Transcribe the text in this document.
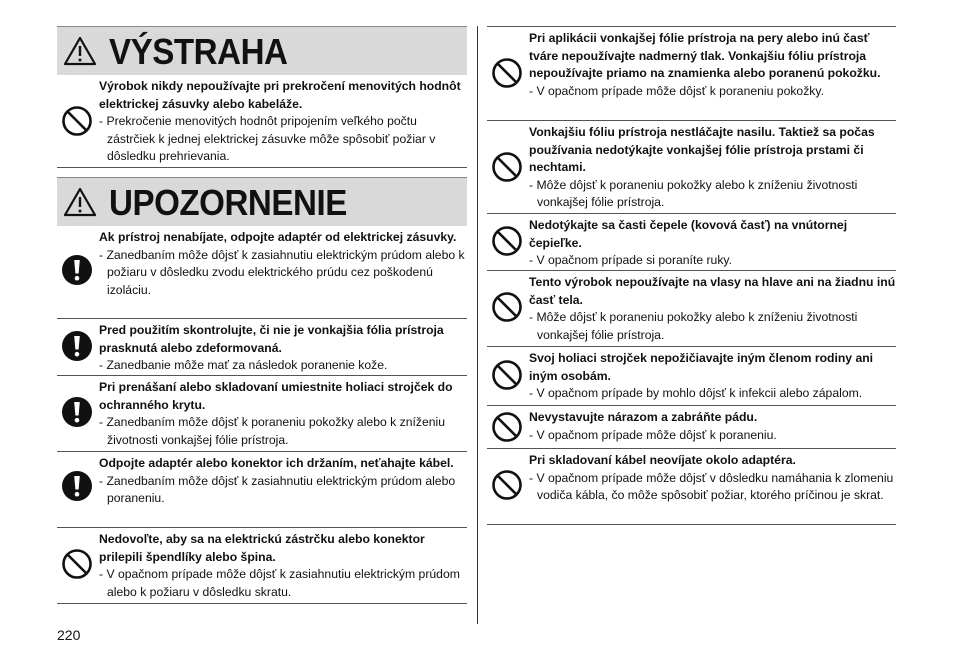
VÝSTRAHA
Výrobok nikdy nepoužívajte pri prekročení menovitých hodnôt elektrickej zásuvky alebo kabeláže.
- Prekročenie menovitých hodnôt pripojením veľkého počtu zástrčiek k jednej elektrickej zásuvke môže spôsobiť požiar v dôsledku prehrievania.
UPOZORNENIE
Ak prístroj nenabíjate, odpojte adaptér od elektrickej zásuvky.
- Zanedbaním môže dôjsť k zasiahnutiu elektrickým prúdom alebo k požiaru v dôsledku zvodu elektrického prúdu cez poškodenú izoláciu.
Pred použitím skontrolujte, či nie je vonkajšia fólia prístroja prasknutá alebo zdeformovaná.
- Zanedbanie môže mať za následok poranenie kože.
Pri prenášaní alebo skladovaní umiestnite holiaci strojček do ochranného krytu.
- Zanedbaním môže dôjsť k poraneniu pokožky alebo k zníženiu životnosti vonkajšej fólie prístroja.
Odpojte adaptér alebo konektor ich držaním, neťahajte kábel.
- Zanedbaním môže dôjsť k zasiahnutiu elektrickým prúdom alebo poraneniu.
Nedovoľte, aby sa na elektrickú zástrčku alebo konektor prilepili špendlíky alebo špina.
- V opačnom prípade môže dôjsť k zasiahnutiu elektrickým prúdom alebo k požiaru v dôsledku skratu.
Pri aplikácii vonkajšej fólie prístroja na pery alebo inú časť tváre nepoužívajte nadmerný tlak. Vonkajšiu fóliu prístroja nepoužívajte priamo na znamienka alebo poranenú pokožku.
- V opačnom prípade môže dôjsť k poraneniu pokožky.
Vonkajšiu fóliu prístroja nestláčajte nasilu. Taktiež sa počas používania nedotýkajte vonkajšej fólie prístroja prstami či nechtami.
- Môže dôjsť k poraneniu pokožky alebo k zníženiu životnosti vonkajšej fólie prístroja.
Nedotýkajte sa časti čepele (kovová časť) na vnútornej čepieľke.
- V opačnom prípade si poraníte ruky.
Tento výrobok nepoužívajte na vlasy na hlave ani na žiadnu inú časť tela.
- Môže dôjsť k poraneniu pokožky alebo k zníženiu životnosti vonkajšej fólie prístroja.
Svoj holiaci strojček nepožičiavajte iným členom rodiny ani iným osobám.
- V opačnom prípade by mohlo dôjsť k infekcii alebo zápalom.
Nevystavujte nárazom a zabráňte pádu.
- V opačnom prípade môže dôjsť k poraneniu.
Pri skladovaní kábel neovíjate okolo adaptéra.
- V opačnom prípade môže dôjsť v dôsledku namáhania k zlomeniu vodiča kábla, čo môže spôsobiť požiar, ktorého príčinou je skrat.
220
